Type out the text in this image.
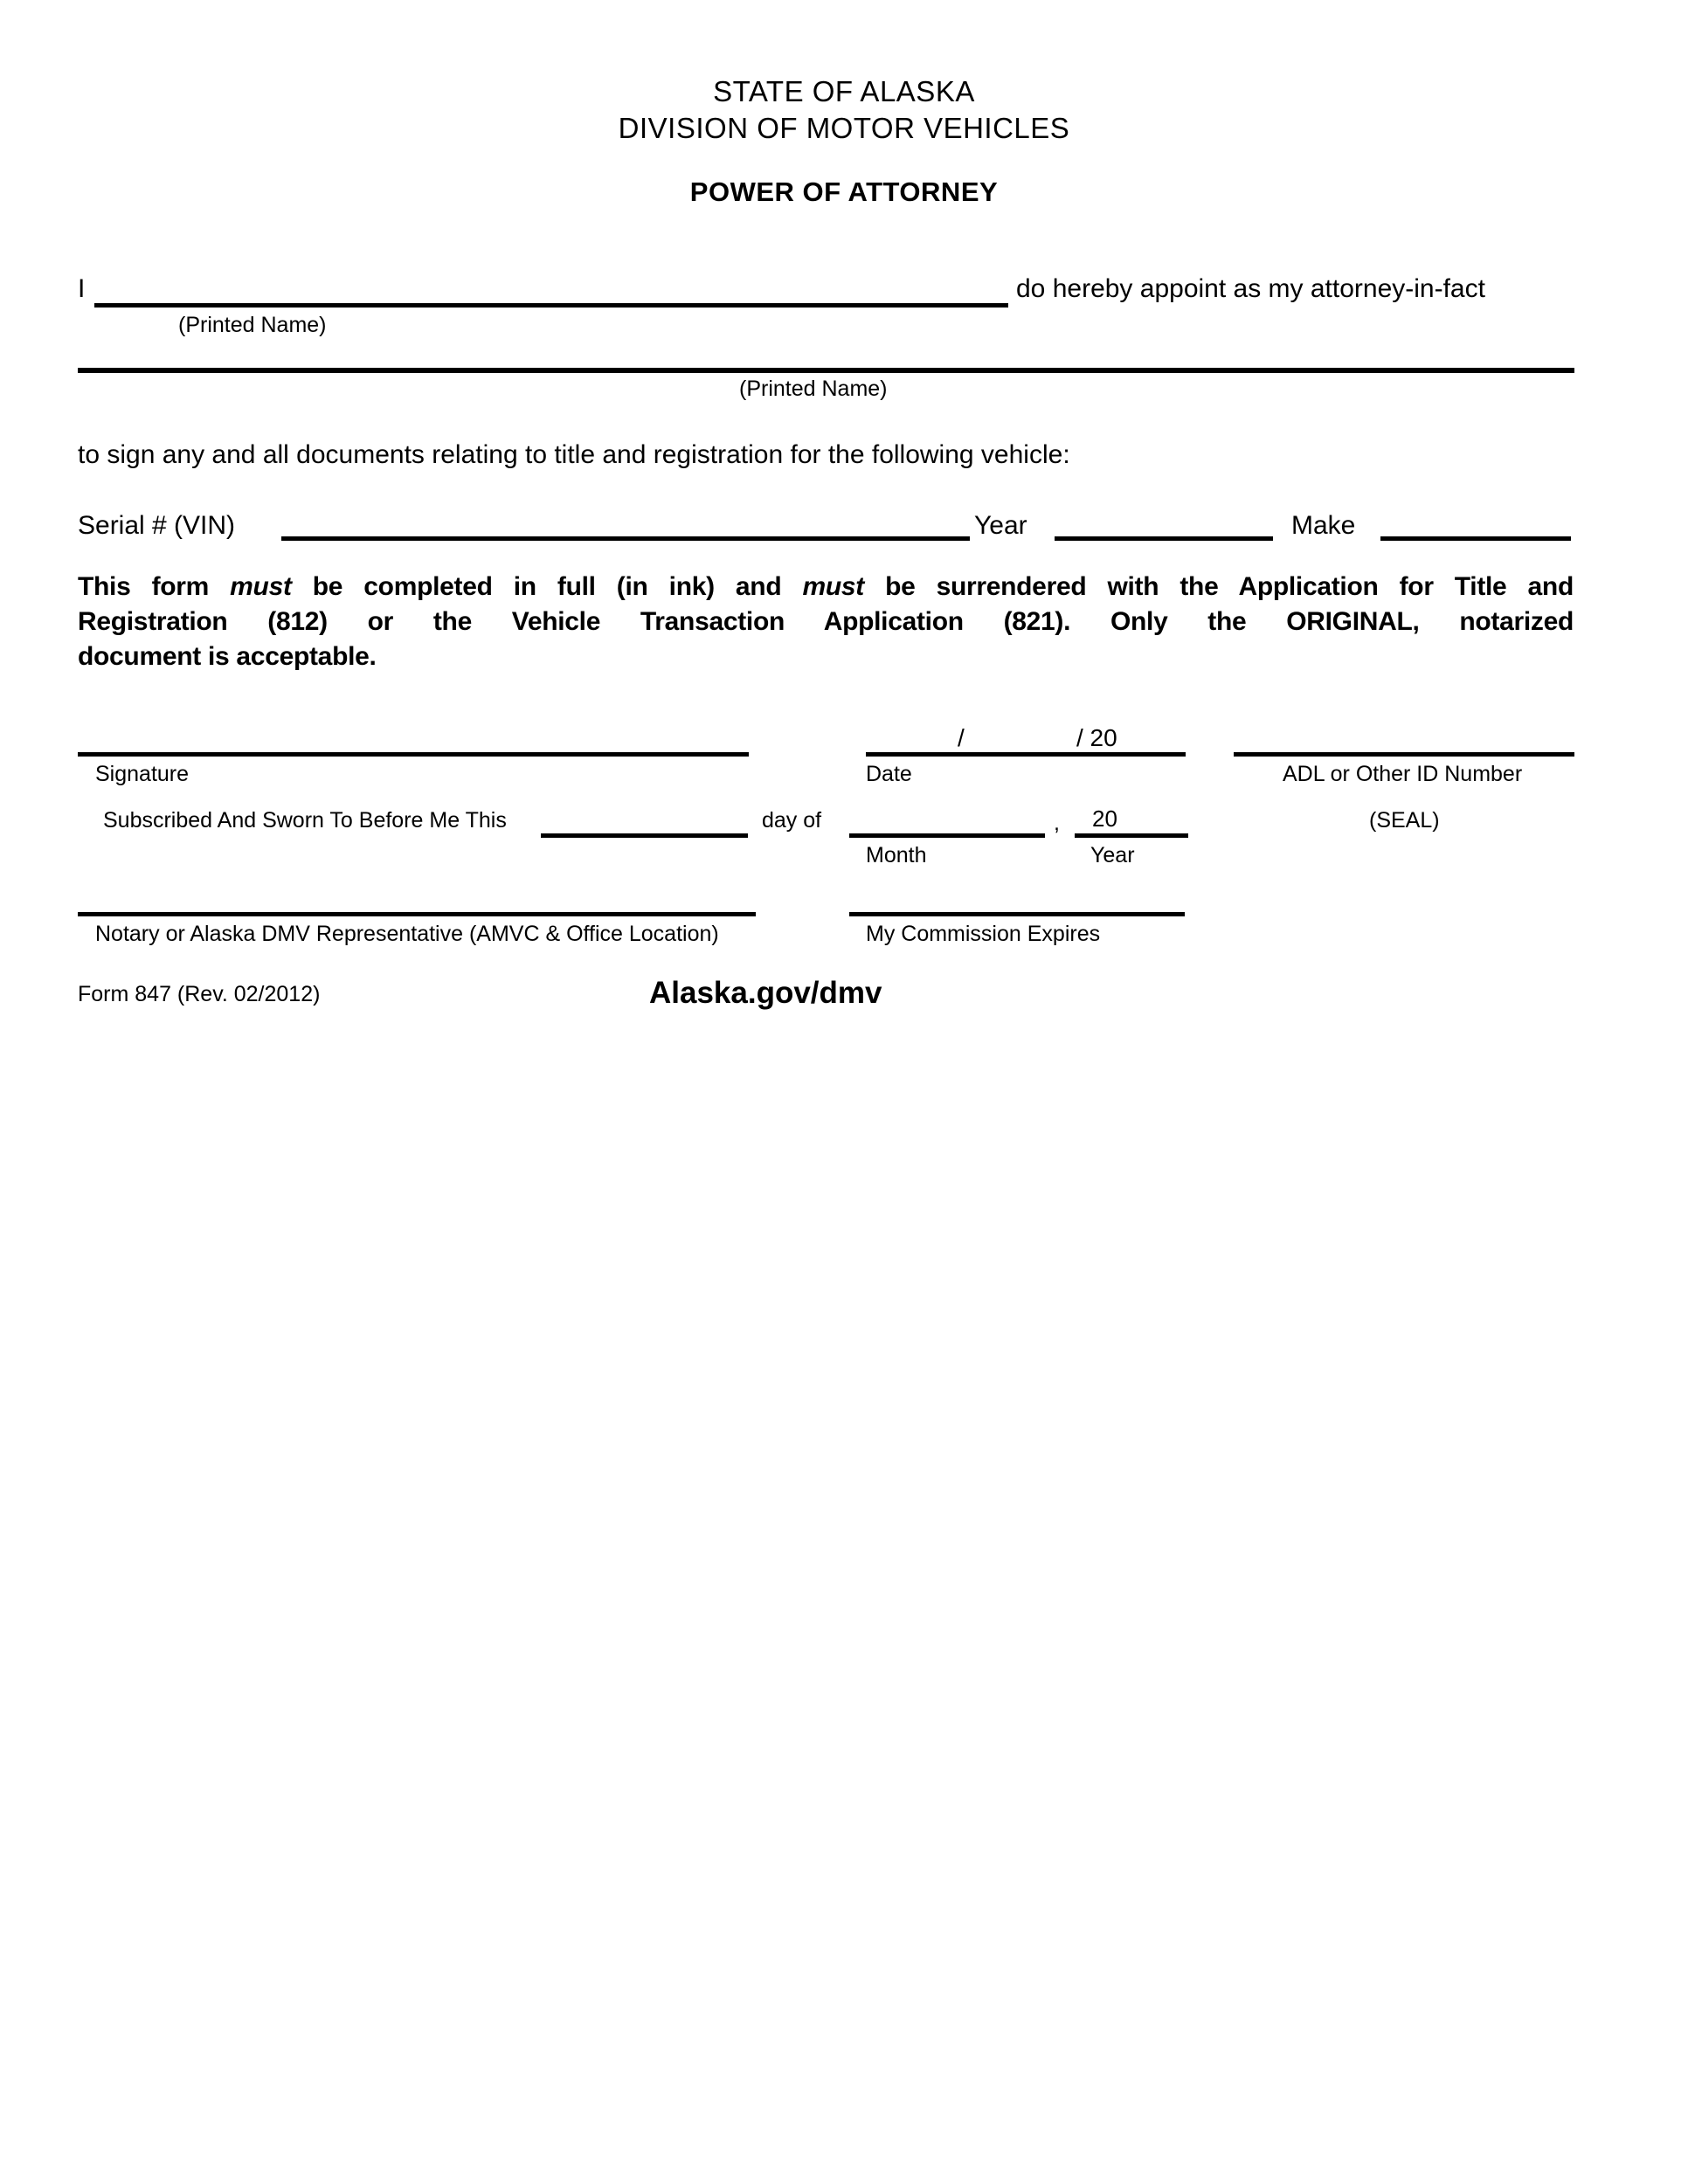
STATE OF ALASKA
DIVISION OF MOTOR VEHICLES
POWER OF ATTORNEY
I	do hereby appoint as my attorney-in-fact
(Printed Name)
(Printed Name)
to sign any and all documents relating to title and registration for the following vehicle:
Serial # (VIN)	Year	Make
This form must be completed in full (in ink) and must be surrendered with the Application for Title and
Registration (812) or the Vehicle Transaction Application (821). Only the ORIGINAL, notarized
document is acceptable.
/	/ 20
Signature	Date	ADL or Other ID Number
Subscribed And Sworn To Before Me This	day of	, 20	(SEAL)
Month	Year
Notary or Alaska DMV Representative (AMVC & Office Location)	My Commission Expires
Form 847 (Rev. 02/2012)	Alaska.gov/dmv
